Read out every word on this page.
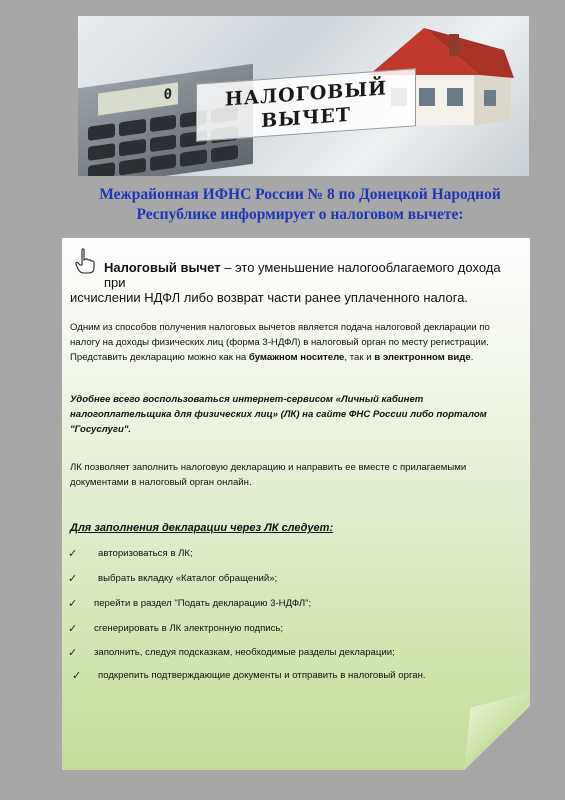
0	НАЛОГОВЫЙ
ВЫЧЕТ
Межрайонная ИФНС России № 8 по Донецкой Народной
Республике информирует о налоговом вычете:
Налоговый вычет – это уменьшение налогооблагаемого дохода при
исчислении НДФЛ либо возврат части ранее уплаченного налога.
Одним из способов получения налоговых вычетов является подача налоговой декларации по налогу на доходы физических лиц (форма 3-НДФЛ) в налоговый орган по месту регистрации. Представить декларацию можно как на бумажном носителе, так и в электронном виде.
Удобнее всего воспользоваться интернет-сервисом «Личный кабинет налогоплательщика для физических лиц» (ЛК) на сайте ФНС России либо порталом "Госуслуги".
ЛК позволяет заполнить налоговую декларацию и направить ее вместе с прилагаемыми документами в налоговый орган онлайн.
Для заполнения декларации через ЛК следует:
✓	авторизоваться в ЛК;
✓	выбрать вкладку «Каталог обращений»;
✓	перейти в раздел "Подать декларацию 3-НДФЛ";
✓	сгенерировать в ЛК электронную подпись;
✓	заполнить, следуя подсказкам, необходимые разделы декларации;
✓	подкрепить подтверждающие документы и отправить в налоговый орган.
